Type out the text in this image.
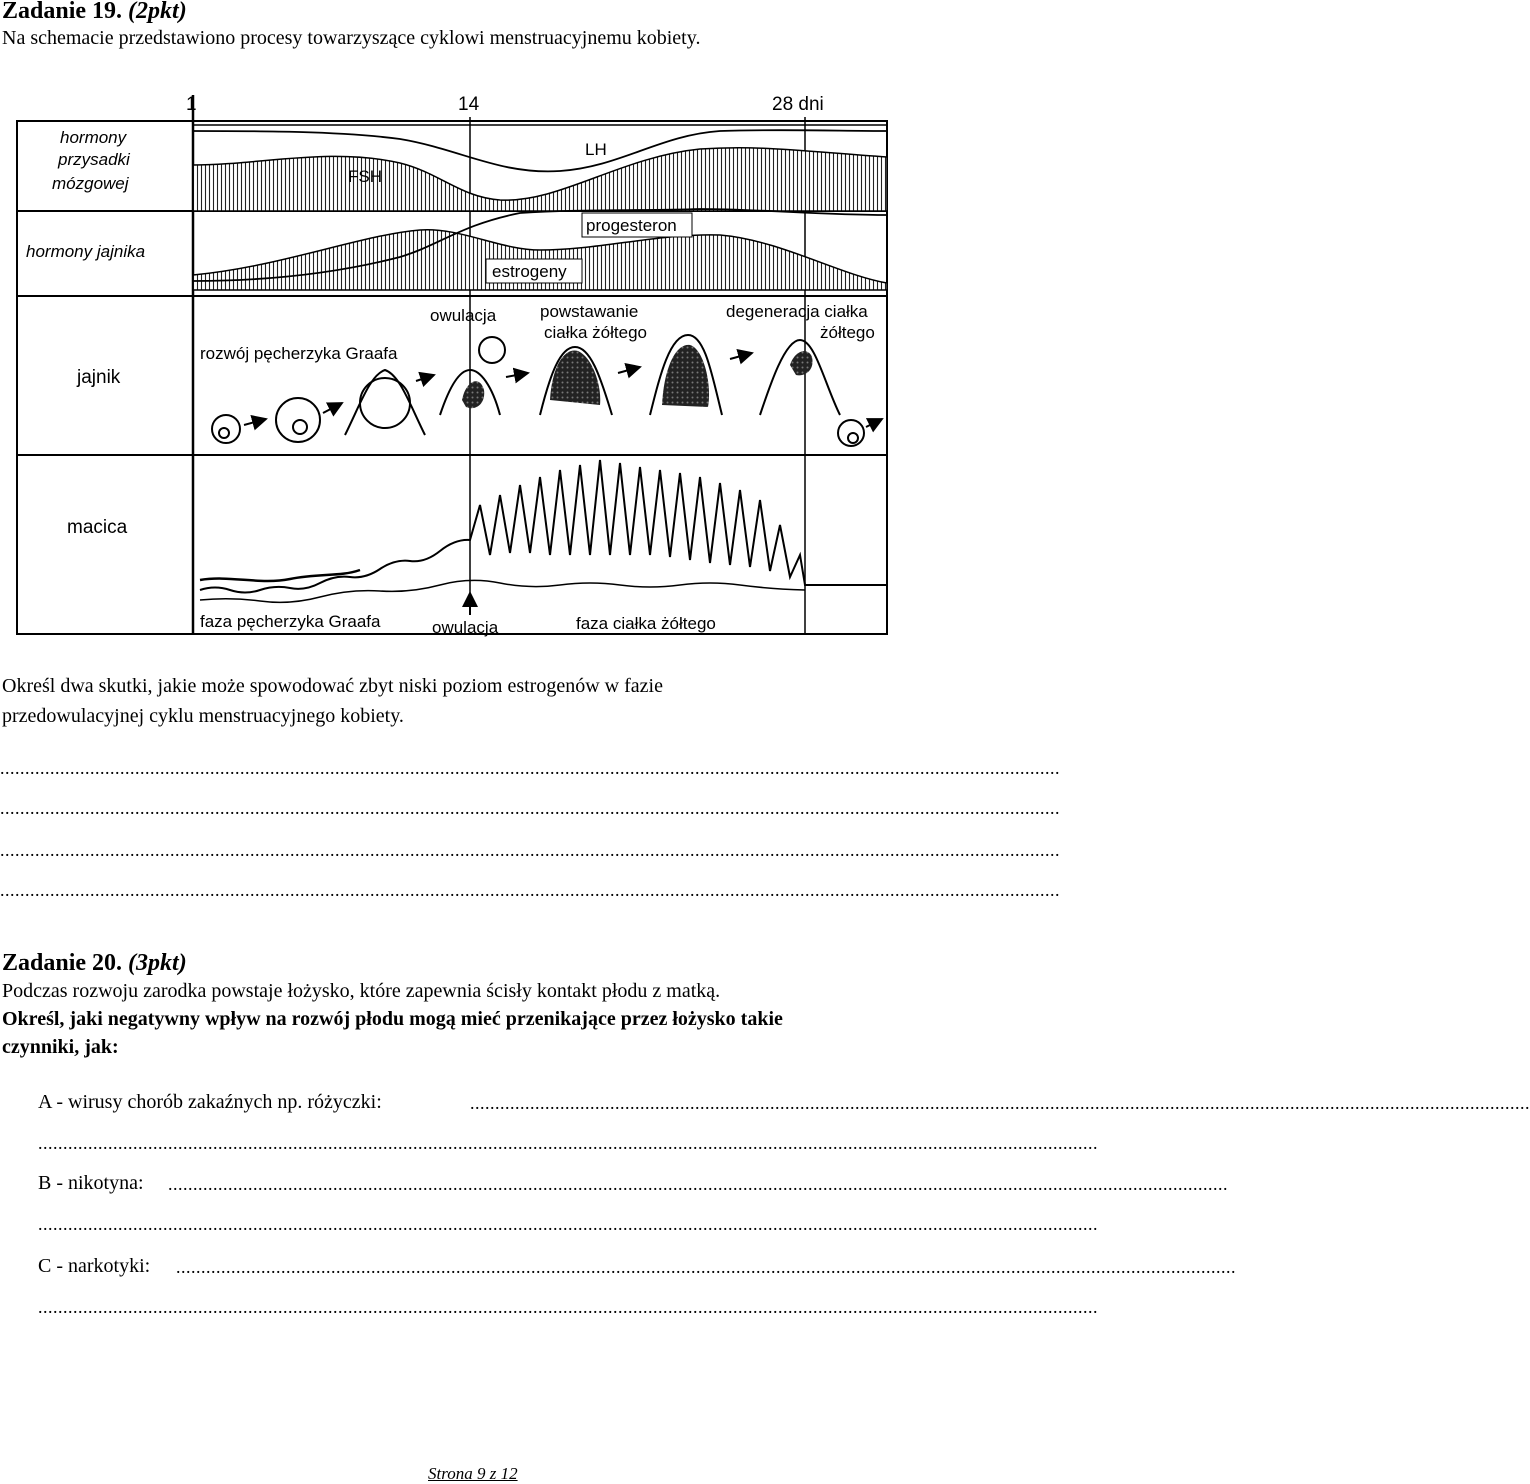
Zadanie 19. (2pkt)
Na schemacie przedstawiono procesy towarzyszące cyklowi menstruacyjnemu kobiety.
1	14	28 dni
hormony
przysadki
mózgowej
hormony jajnika
jajnik
macica
FSH
LH
progesteron
estrogeny
owulacja
rozwój pęcherzyka Graafa
powstawanie
ciałka żółtego
degeneracja ciałka
żółtego
faza pęcherzyka Graafa	owulacja	faza ciałka żółtego
Określ dwa skutki, jakie może spowodować zbyt niski poziom estrogenów w fazie
przedowulacyjnej cyklu menstruacyjnego kobiety.
....................................................................................................................................................................................................................
....................................................................................................................................................................................................................
....................................................................................................................................................................................................................
....................................................................................................................................................................................................................
Zadanie 20. (3pkt)
Podczas rozwoju zarodka powstaje łożysko, które zapewnia ścisły kontakt płodu z matką.
Określ, jaki negatywny wpływ na rozwój płodu mogą mieć przenikające przez łożysko takie
czynniki, jak:
A - wirusy chorób zakaźnych np. różyczki:	....................................................................................................................................................................................................................
....................................................................................................................................................................................................................
B - nikotyna: ....................................................................................................................................................................................................................
....................................................................................................................................................................................................................
C - narkotyki: ....................................................................................................................................................................................................................
....................................................................................................................................................................................................................
Strona 9 z 12
